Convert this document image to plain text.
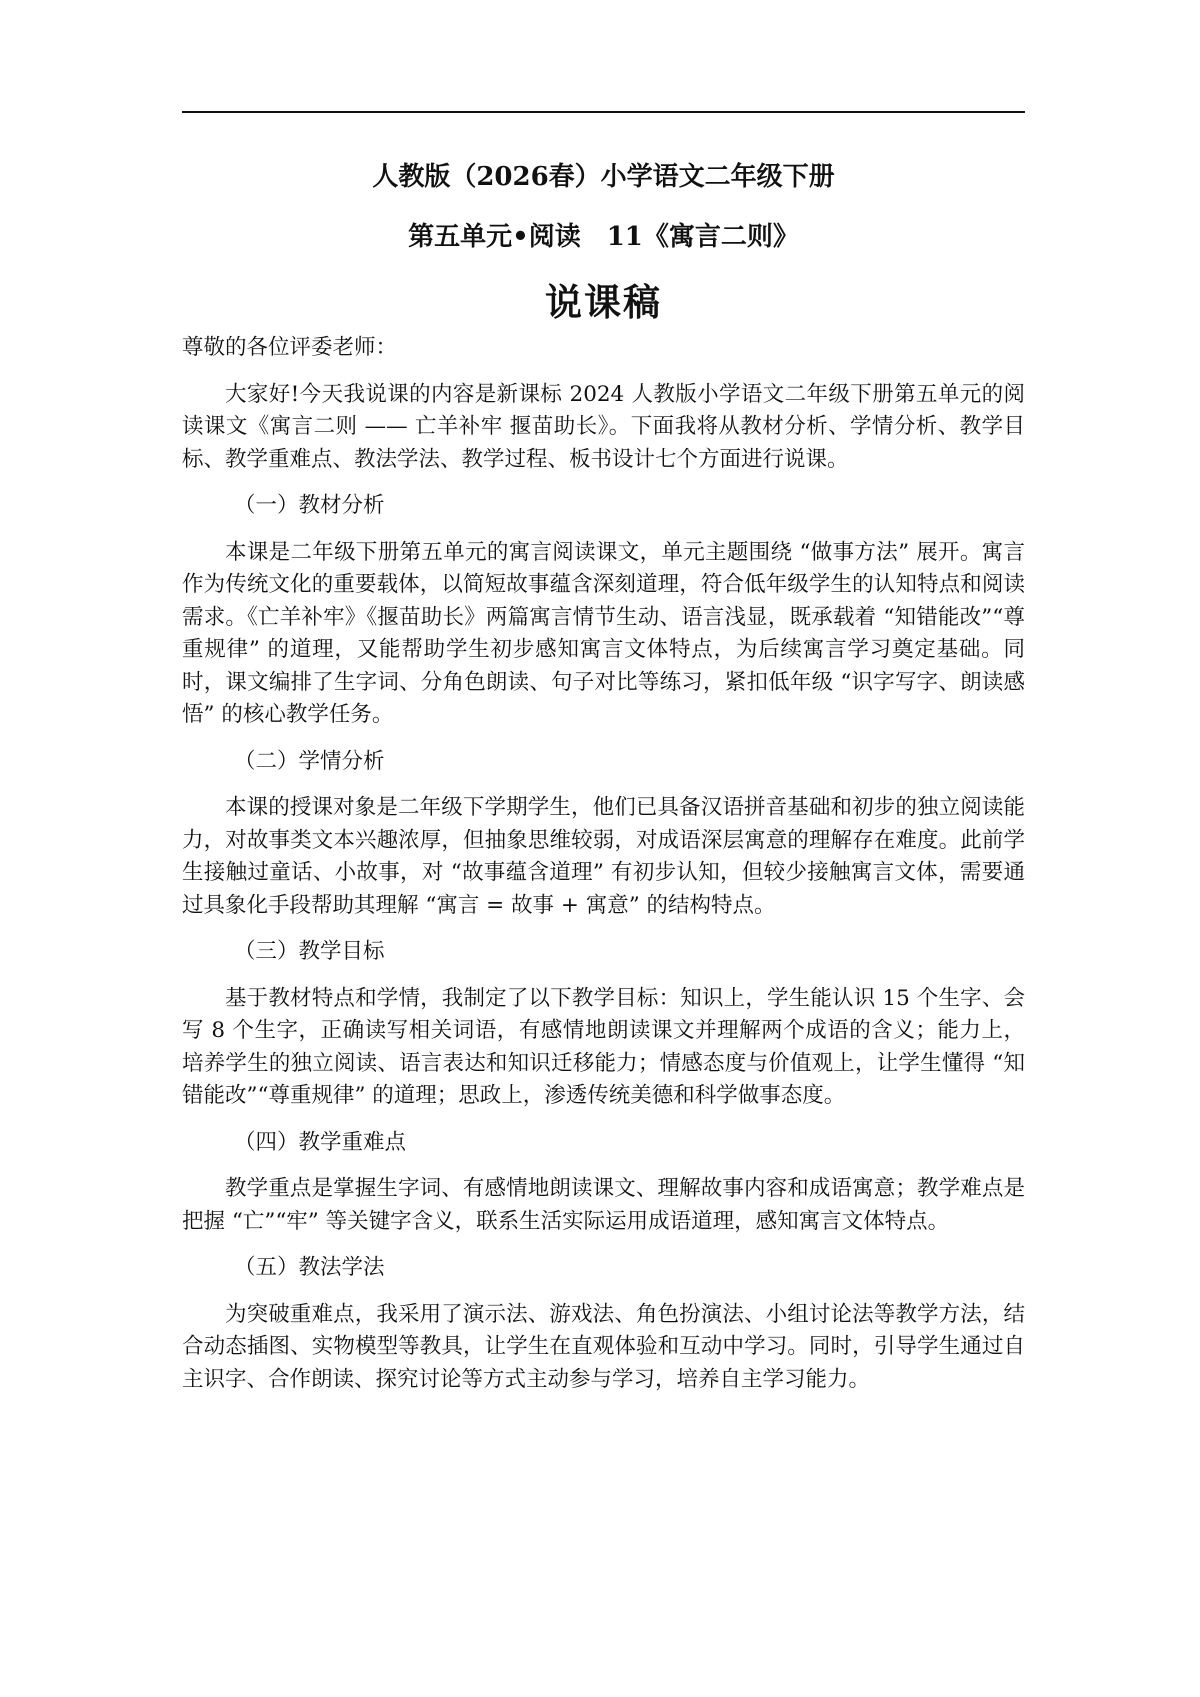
人教版（2026春）小学语文二年级下册
第五单元•阅读　11《寓言二则》
说课稿
尊敬的各位评委老师：
大家好!今天我说课的内容是新课标 2024 人教版小学语文二年级下册第五单元的阅读课文《寓言二则 —— 亡羊补牢 揠苗助长》。下面我将从教材分析、学情分析、教学目标、教学重难点、教法学法、教学过程、板书设计七个方面进行说课。
（一）教材分析
本课是二年级下册第五单元的寓言阅读课文，单元主题围绕 “做事方法” 展开。寓言作为传统文化的重要载体，以简短故事蕴含深刻道理，符合低年级学生的认知特点和阅读需求。《亡羊补牢》《揠苗助长》两篇寓言情节生动、语言浅显，既承载着 “知错能改”“尊重规律” 的道理，又能帮助学生初步感知寓言文体特点，为后续寓言学习奠定基础。同时，课文编排了生字词、分角色朗读、句子对比等练习，紧扣低年级 “识字写字、朗读感悟” 的核心教学任务。
（二）学情分析
本课的授课对象是二年级下学期学生，他们已具备汉语拼音基础和初步的独立阅读能力，对故事类文本兴趣浓厚，但抽象思维较弱，对成语深层寓意的理解存在难度。此前学生接触过童话、小故事，对 “故事蕴含道理” 有初步认知，但较少接触寓言文体，需要通过具象化手段帮助其理解 “寓言 = 故事 + 寓意” 的结构特点。
（三）教学目标
基于教材特点和学情，我制定了以下教学目标：知识上，学生能认识 15 个生字、会写 8 个生字，正确读写相关词语，有感情地朗读课文并理解两个成语的含义；能力上，培养学生的独立阅读、语言表达和知识迁移能力；情感态度与价值观上，让学生懂得 “知错能改”“尊重规律” 的道理；思政上，渗透传统美德和科学做事态度。
（四）教学重难点
教学重点是掌握生字词、有感情地朗读课文、理解故事内容和成语寓意；教学难点是把握 “亡”“牢” 等关键字含义，联系生活实际运用成语道理，感知寓言文体特点。
（五）教法学法
为突破重难点，我采用了演示法、游戏法、角色扮演法、小组讨论法等教学方法，结合动态插图、实物模型等教具，让学生在直观体验和互动中学习。同时，引导学生通过自主识字、合作朗读、探究讨论等方式主动参与学习，培养自主学习能力。
